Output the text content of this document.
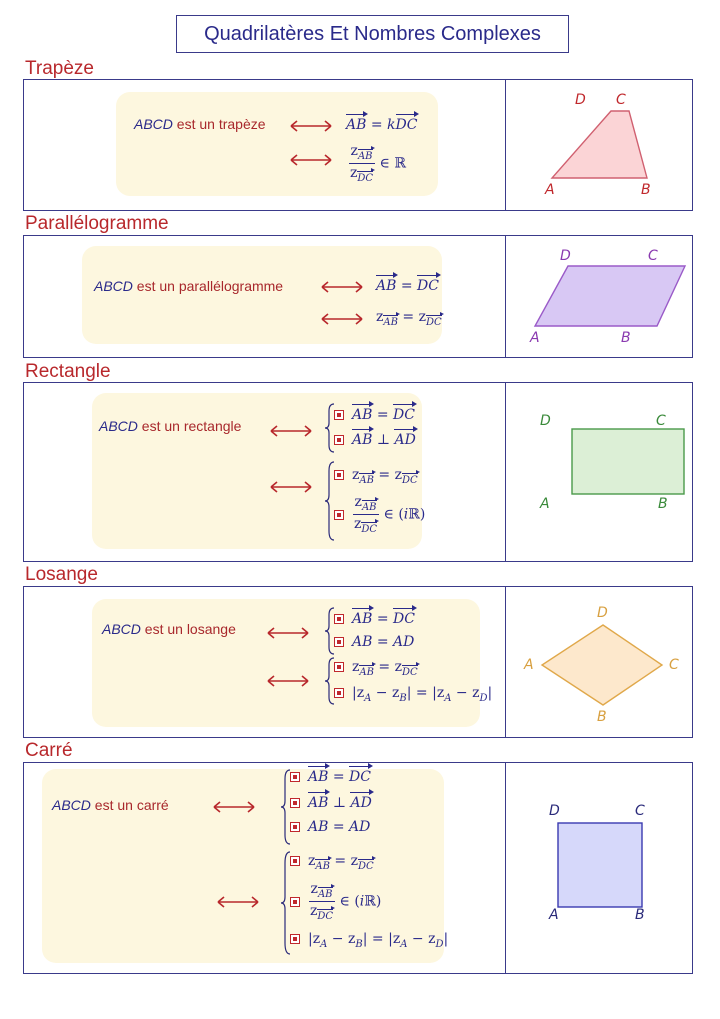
Quadrilatères Et Nombres Complexes
Trapèze
ABCD est un trapèze	AB = kDC
$\frac{z_{AB}}{z_{DC}}$ ∈ ℝ
D C
A	B
Parallélogramme
ABCD est un parallélogramme	AB = DC
$z_{AB} = z_{DC}$
D	C
A	B
Rectangle
ABCD est un rectangle
AB = DC
AB ⊥ AD
$z_{AB} = z_{DC}$
$\frac{z_{AB}}{z_{DC}}$ ∈ (iℝ)
D	C
A	B
Losange
ABCD est un losange
AB = DC
AB = AD
$z_{AB} = z_{DC}$
$|z_A - z_B| = |z_A - z_D|$
D
A	C
B
Carré
ABCD est un carré
AB = DC
AB ⊥ AD
AB = AD
$z_{AB} = z_{DC}$
$\frac{z_{AB}}{z_{DC}}$ ∈ (iℝ)
$|z_A - z_B| = |z_A - z_D|$
D	C
A	B
